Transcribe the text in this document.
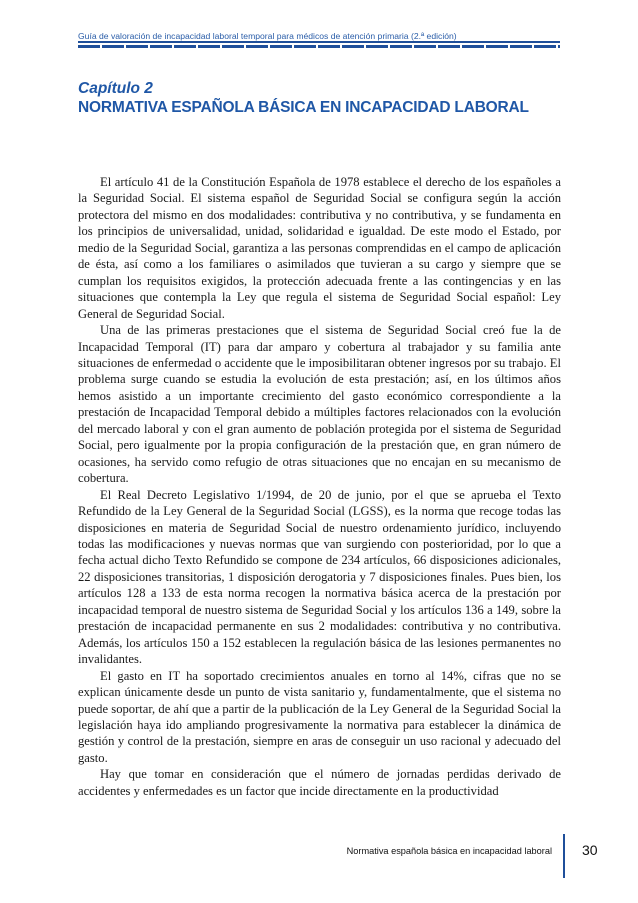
Guía de valoración de incapacidad laboral temporal para médicos de atención primaria (2.ª edición)
Capítulo 2
NORMATIVA ESPAÑOLA BÁSICA EN INCAPACIDAD LABORAL

El artículo 41 de la Constitución Española de 1978 establece el derecho de los españoles a la Seguridad Social. El sistema español de Seguridad Social se configura según la acción protectora del mismo en dos modalidades: contributiva y no contributiva, y se fundamenta en los principios de universalidad, unidad, solidaridad e igualdad. De este modo el Estado, por medio de la Seguridad Social, garantiza a las personas comprendidas en el campo de aplicación de ésta, así como a los familiares o asimilados que tuvieran a su cargo y siempre que se cumplan los requisitos exigidos, la protección adecuada frente a las contingencias y en las situaciones que contempla la Ley que regula el sistema de Seguridad Social español: Ley General de Seguridad Social.

Una de las primeras prestaciones que el sistema de Seguridad Social creó fue la de Incapacidad Temporal (IT) para dar amparo y cobertura al trabajador y su familia ante situaciones de enfermedad o accidente que le imposibilitaran obtener ingresos por su trabajo. El problema surge cuando se estudia la evolución de esta prestación; así, en los últimos años hemos asistido a un importante crecimiento del gasto económico correspondiente a la prestación de Incapacidad Temporal debido a múltiples factores relacionados con la evolución del mercado laboral y con el gran aumento de población protegida por el sistema de Seguridad Social, pero igualmente por la propia configuración de la prestación que, en gran número de ocasiones, ha servido como refugio de otras situaciones que no encajan en su mecanismo de cobertura.

El Real Decreto Legislativo 1/1994, de 20 de junio, por el que se aprueba el Texto Refundido de la Ley General de la Seguridad Social (LGSS), es la norma que recoge todas las disposiciones en materia de Seguridad Social de nuestro ordenamiento jurídico, incluyendo todas las modificaciones y nuevas normas que van surgiendo con posterioridad, por lo que a fecha actual dicho Texto Refundido se compone de 234 artículos, 66 disposiciones adicionales, 22 disposiciones transitorias, 1 disposición derogatoria y 7 disposiciones finales. Pues bien, los artículos 128 a 133 de esta norma recogen la normativa básica acerca de la prestación por incapacidad temporal de nuestro sistema de Seguridad Social y los artículos 136 a 149, sobre la prestación de incapacidad permanente en sus 2 modalidades: contributiva y no contributiva. Además, los artículos 150 a 152 establecen la regulación básica de las lesiones permanentes no invalidantes.

El gasto en IT ha soportado crecimientos anuales en torno al 14%, cifras que no se explican únicamente desde un punto de vista sanitario y, fundamentalmente, que el sistema no puede soportar, de ahí que a partir de la publicación de la Ley General de la Seguridad Social la legislación haya ido ampliando progresivamente la normativa para establecer la dinámica de gestión y control de la prestación, siempre en aras de conseguir un uso racional y adecuado del gasto.

Hay que tomar en consideración que el número de jornadas perdidas derivado de accidentes y enfermedades es un factor que incide directamente en la productividad

Normativa española básica en incapacidad laboral 30
